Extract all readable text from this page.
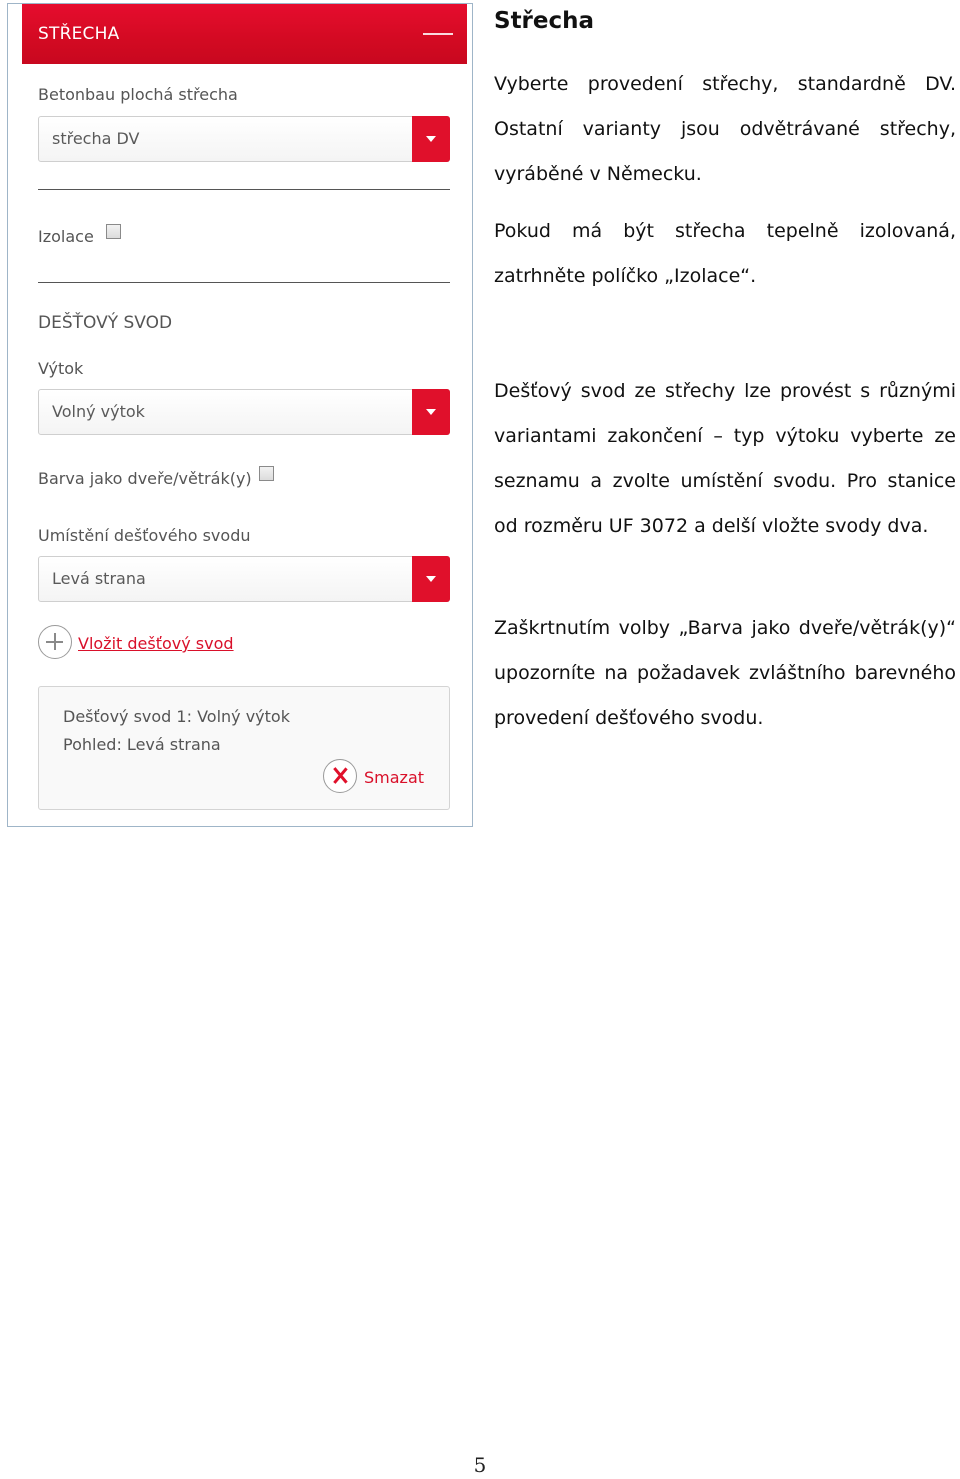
STŘECHA
Betonbau plochá střecha
střecha DV
Izolace
DEŠŤOVÝ SVOD
Výtok
Volný výtok
Barva jako dveře/větrák(y)
Umístění dešťového svodu
Levá strana
Vložit dešťový svod
Dešťový svod 1: Volný výtok
Pohled: Levá strana
Smazat
Střecha
Vyberte provedení střechy, standardně DV. Ostatní varianty jsou odvětrávané střechy, vyráběné v Německu.
Pokud má být střecha tepelně izolovaná, zatrhněte políčko „Izolace“.
Dešťový svod ze střechy lze provést s různými variantami zakončení – typ výtoku vyberte ze seznamu a zvolte umístění svodu. Pro stanice od rozměru UF 3072 a delší vložte svody dva.
Zaškrtnutím volby „Barva jako dveře/větrák(y)“ upozorníte na požadavek zvláštního barevného provedení dešťového svodu.
5
